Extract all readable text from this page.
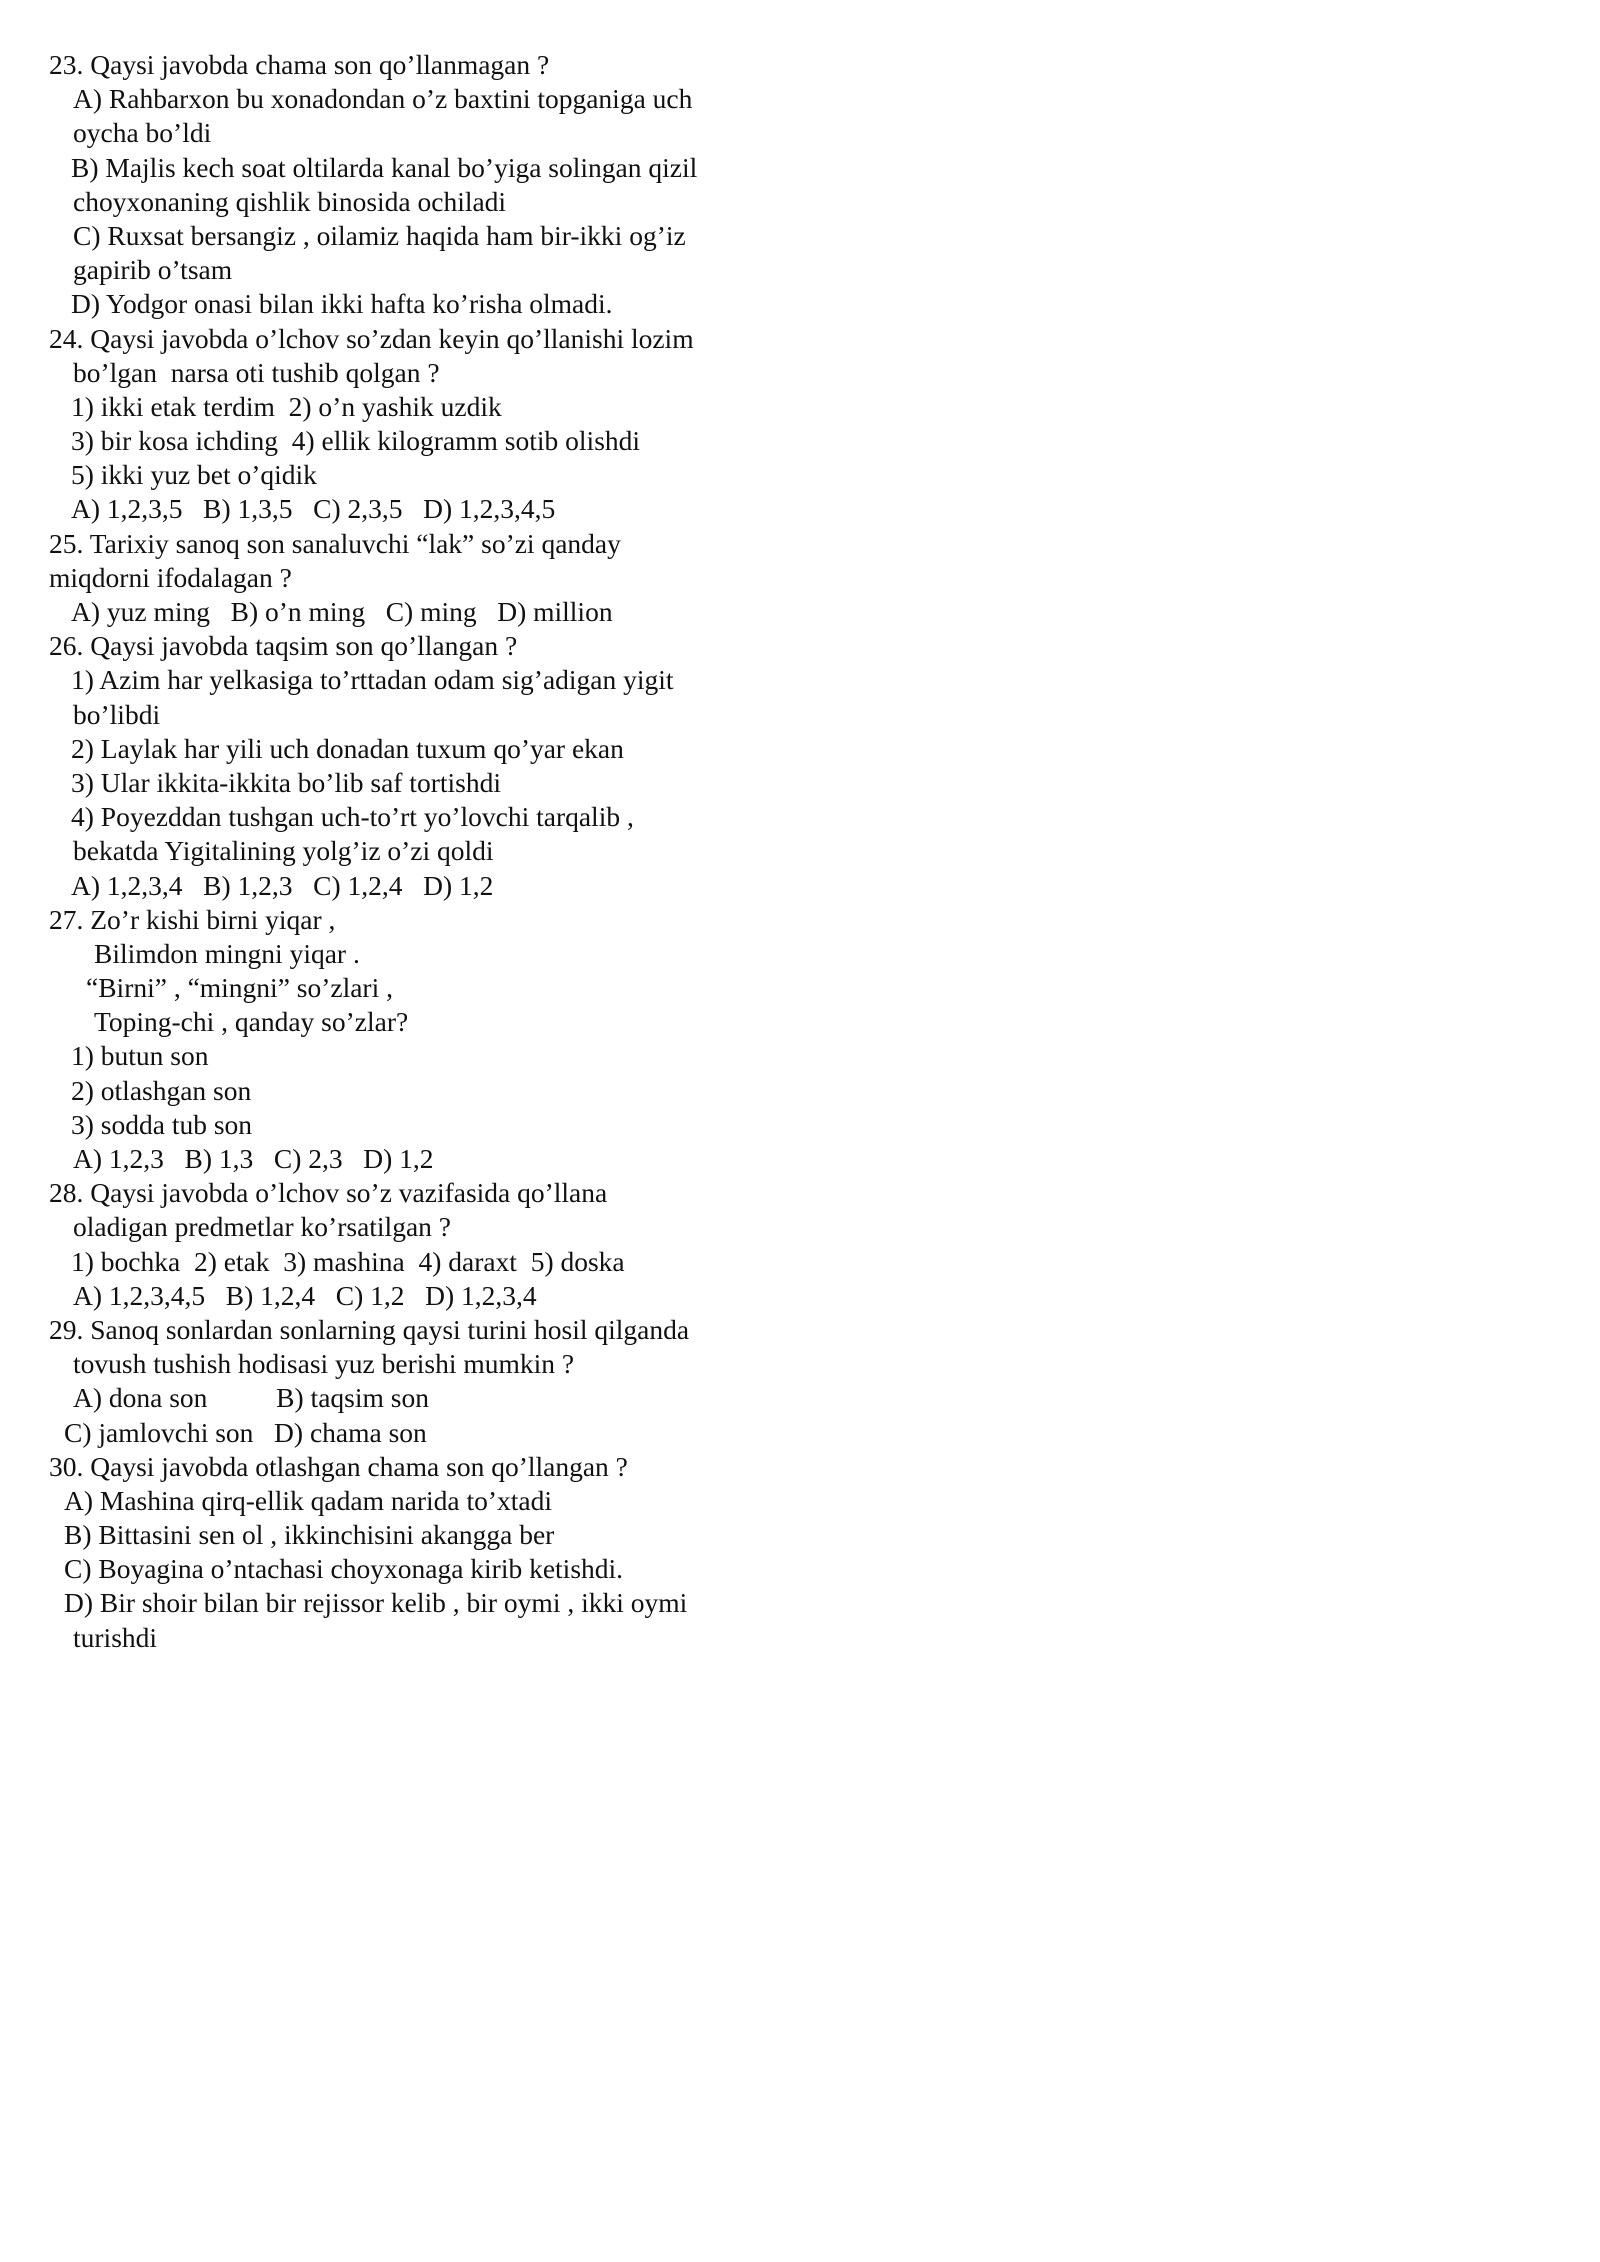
23. Qaysi javobda chama son qo’llanmagan ?
A) Rahbarxon bu xonadondan o’z baxtini topganiga uch
oycha bo’ldi
B) Majlis kech soat oltilarda kanal bo’yiga solingan qizil
choyxonaning qishlik binosida ochiladi
C) Ruxsat bersangiz , oilamiz haqida ham bir-ikki og’iz
gapirib o’tsam
D) Yodgor onasi bilan ikki hafta ko’risha olmadi.
24. Qaysi javobda o’lchov so’zdan keyin qo’llanishi lozim
bo’lgan  narsa oti tushib qolgan ?
1) ikki etak terdim  2) o’n yashik uzdik
3) bir kosa ichding  4) ellik kilogramm sotib olishdi
5) ikki yuz bet o’qidik
A) 1,2,3,5   B) 1,3,5   C) 2,3,5   D) 1,2,3,4,5
25. Tarixiy sanoq son sanaluvchi “lak” so’zi qanday
miqdorni ifodalagan ?
A) yuz ming   B) o’n ming   C) ming   D) million
26. Qaysi javobda taqsim son qo’llangan ?
1) Azim har yelkasiga to’rttadan odam sig’adigan yigit
bo’libdi
2) Laylak har yili uch donadan tuxum qo’yar ekan
3) Ular ikkita-ikkita bo’lib saf tortishdi
4) Poyezddan tushgan uch-to’rt yo’lovchi tarqalib ,
bekatda Yigitalining yolg’iz o’zi qoldi
A) 1,2,3,4   B) 1,2,3   C) 1,2,4   D) 1,2
27. Zo’r kishi birni yiqar ,
Bilimdon mingni yiqar .
“Birni” , “mingni” so’zlari ,
Toping-chi , qanday so’zlar?
1) butun son
2) otlashgan son
3) sodda tub son
A) 1,2,3   B) 1,3   C) 2,3   D) 1,2
28. Qaysi javobda o’lchov so’z vazifasida qo’llana
oladigan predmetlar ko’rsatilgan ?
1) bochka  2) etak  3) mashina  4) daraxt  5) doska
A) 1,2,3,4,5   B) 1,2,4   C) 1,2   D) 1,2,3,4
29. Sanoq sonlardan sonlarning qaysi turini hosil qilganda
tovush tushish hodisasi yuz berishi mumkin ?
A) dona son          B) taqsim son
C) jamlovchi son   D) chama son
30. Qaysi javobda otlashgan chama son qo’llangan ?
A) Mashina qirq-ellik qadam narida to’xtadi
B) Bittasini sen ol , ikkinchisini akangga ber
C) Boyagina o’ntachasi choyxonaga kirib ketishdi.
D) Bir shoir bilan bir rejissor kelib , bir oymi , ikki oymi
turishdi
